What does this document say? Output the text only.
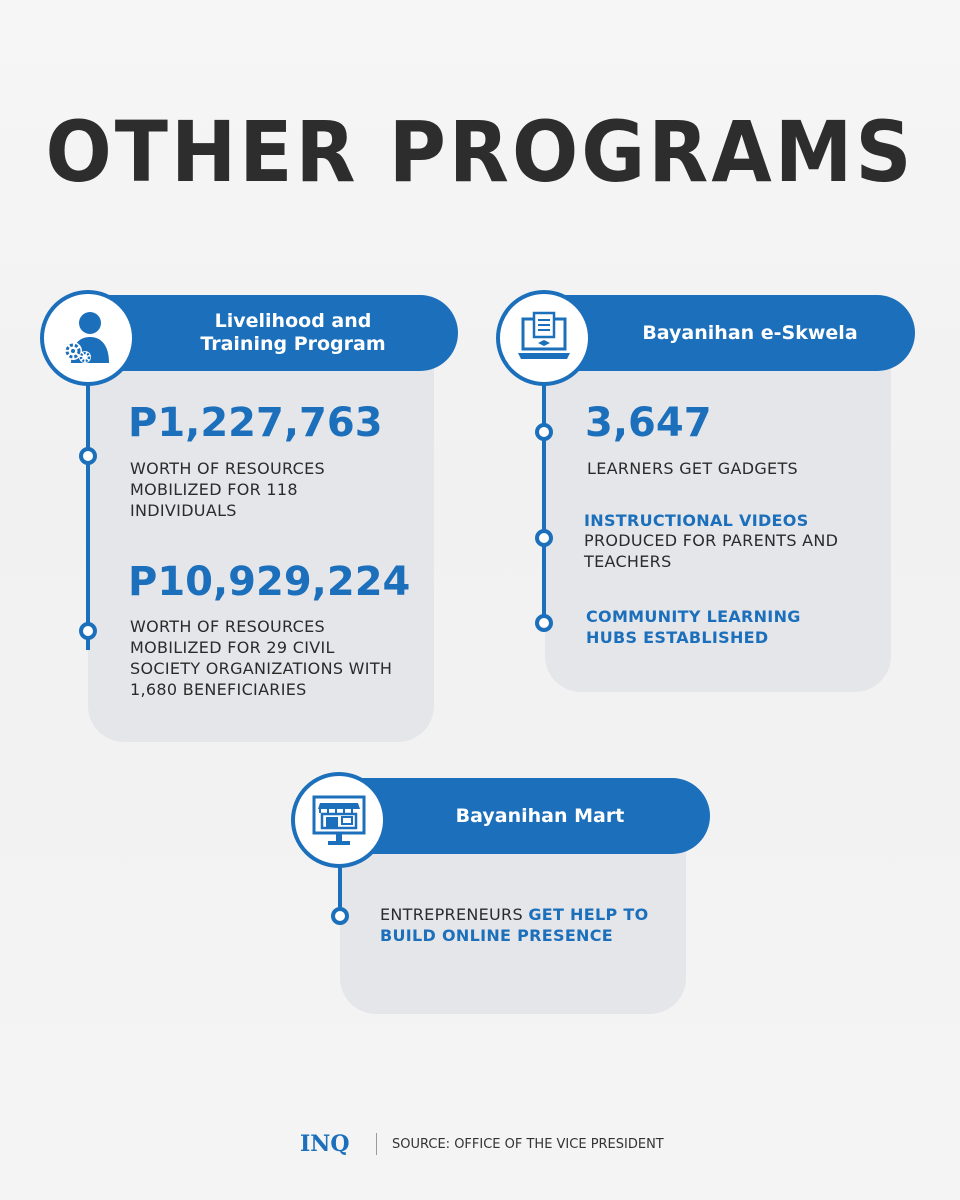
OTHER PROGRAMS
Livelihood and Training Program
P1,227,763
WORTH OF RESOURCES MOBILIZED FOR 118 INDIVIDUALS
P10,929,224
WORTH OF RESOURCES MOBILIZED FOR 29 CIVIL SOCIETY ORGANIZATIONS WITH 1,680 BENEFICIARIES
Bayanihan e-Skwela
3,647
LEARNERS GET GADGETS
INSTRUCTIONAL VIDEOS
PRODUCED FOR PARENTS AND TEACHERS
COMMUNITY LEARNING HUBS ESTABLISHED
Bayanihan Mart
ENTREPRENEURS GET HELP TO BUILD ONLINE PRESENCE
INQ	SOURCE: OFFICE OF THE VICE PRESIDENT
